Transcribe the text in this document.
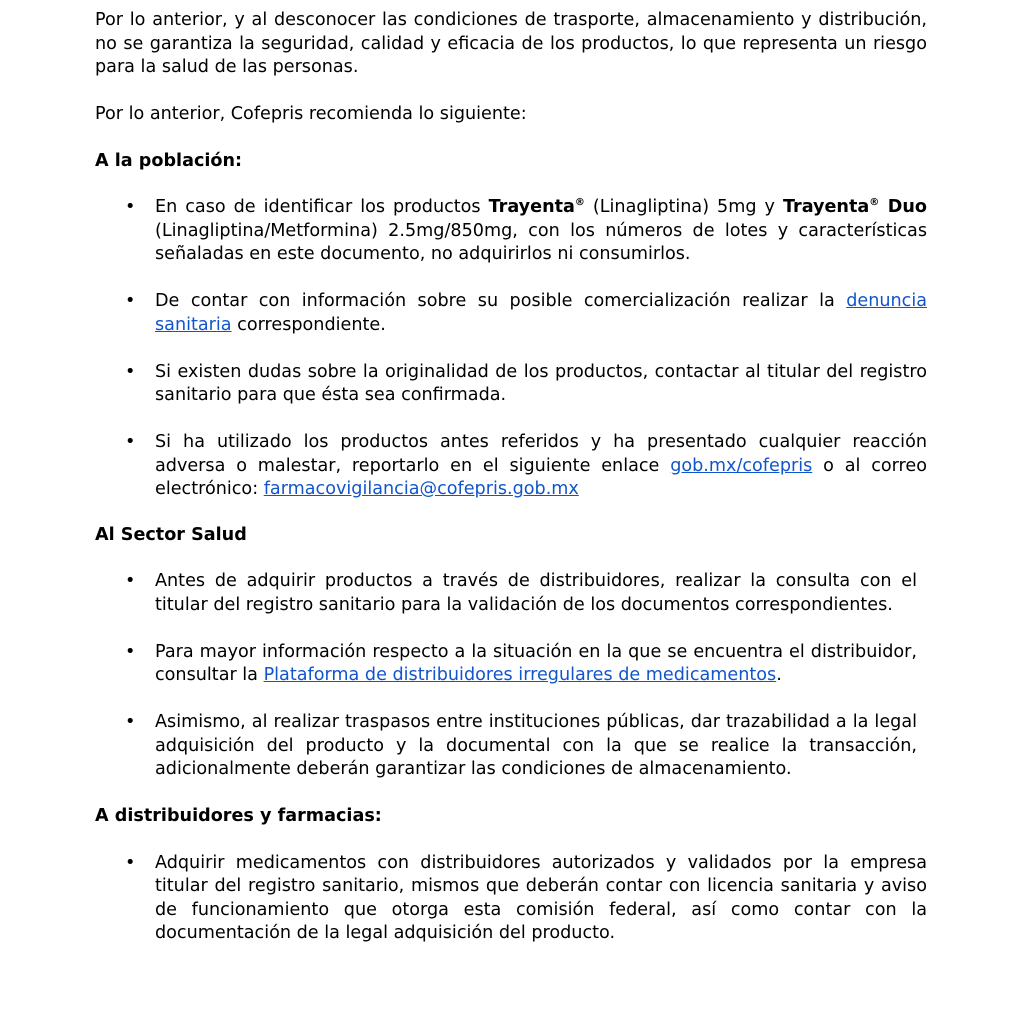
Por lo anterior, y al desconocer las condiciones de trasporte, almacenamiento y distribución, no se garantiza la seguridad, calidad y eficacia de los productos, lo que representa un riesgo para la salud de las personas.

Por lo anterior, Cofepris recomienda lo siguiente:

A la población:
• En caso de identificar los productos Trayenta® (Linagliptina) 5mg y Trayenta® Duo (Linagliptina/Metformina) 2.5mg/850mg, con los números de lotes y características señaladas en este documento, no adquirirlos ni consumirlos.
• De contar con información sobre su posible comercialización realizar la denuncia sanitaria correspondiente.
• Si existen dudas sobre la originalidad de los productos, contactar al titular del registro sanitario para que ésta sea confirmada.
• Si ha utilizado los productos antes referidos y ha presentado cualquier reacción adversa o malestar, reportarlo en el siguiente enlace gob.mx/cofepris o al correo electrónico: farmacovigilancia@cofepris.gob.mx
Al Sector Salud
• Antes de adquirir productos a través de distribuidores, realizar la consulta con el titular del registro sanitario para la validación de los documentos correspondientes.
• Para mayor información respecto a la situación en la que se encuentra el distribuidor, consultar la Plataforma de distribuidores irregulares de medicamentos.
• Asimismo, al realizar traspasos entre instituciones públicas, dar trazabilidad a la legal adquisición del producto y la documental con la que se realice la transacción, adicionalmente deberán garantizar las condiciones de almacenamiento.
A distribuidores y farmacias:
• Adquirir medicamentos con distribuidores autorizados y validados por la empresa titular del registro sanitario, mismos que deberán contar con licencia sanitaria y aviso de funcionamiento que otorga esta comisión federal, así como contar con la documentación de la legal adquisición del producto.
